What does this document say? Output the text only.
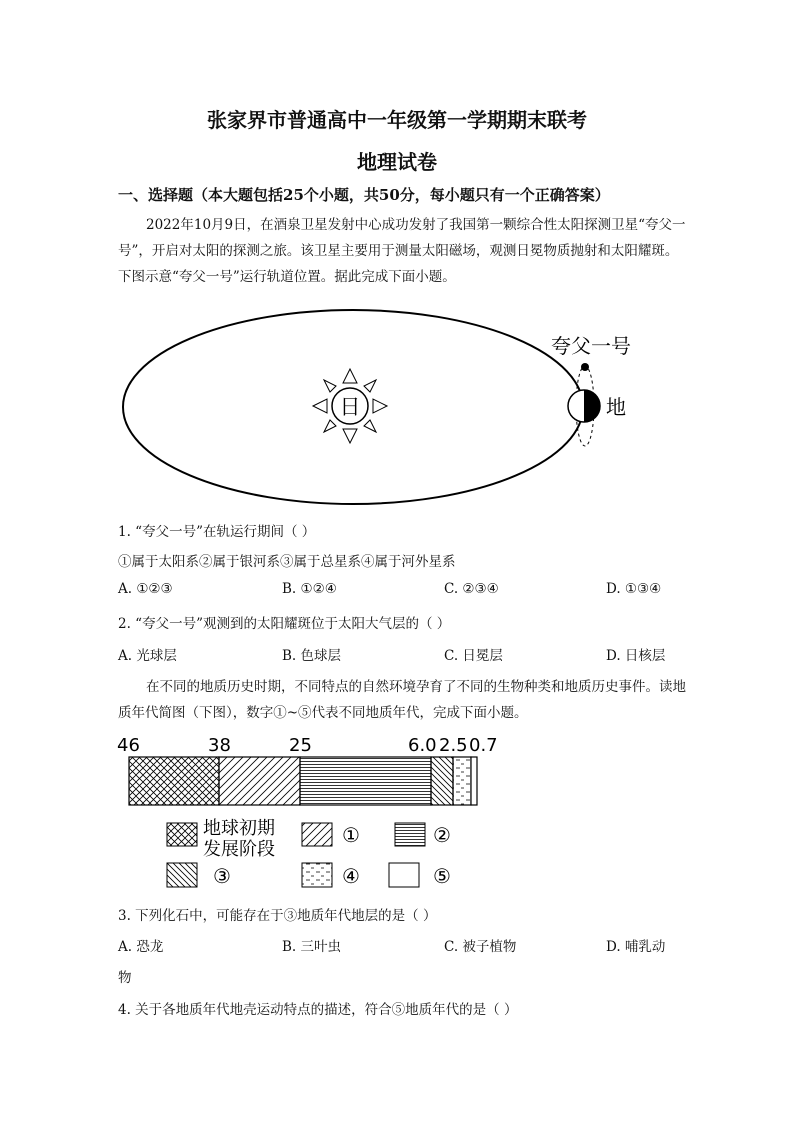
张家界市普通高中一年级第一学期期末联考
地理试卷
一、选择题（本大题包括25个小题，共50分，每小题只有一个正确答案）
2022年10月9日，在酒泉卫星发射中心成功发射了我国第一颗综合性太阳探测卫星“夸父一号”，开启对太阳的探测之旅。该卫星主要用于测量太阳磁场，观测日冕物质抛射和太阳耀斑。下图示意“夸父一号”运行轨道位置。据此完成下面小题。
日
夸父一号
地
1. “夸父一号”在轨运行期间（ ）
①属于太阳系②属于银河系③属于总星系④属于河外星系
A. ①②③	B. ①②④	C. ②③④	D. ①③④
2. “夸父一号”观测到的太阳耀斑位于太阳大气层的（ ）
A. 光球层	B. 色球层	C. 日冕层	D. 日核层
在不同的地质历史时期，不同特点的自然环境孕育了不同的生物种类和地质历史事件。读地质年代简图（下图），数字①~⑤代表不同地质年代，完成下面小题。
46	38	25	6.0 2.5 0.7
地球初期
发展阶段
①	②
③	④	⑤
3. 下列化石中，可能存在于③地质年代地层的是（ ）
A. 恐龙	B. 三叶虫	C. 被子植物	D. 哺乳动
物
4. 关于各地质年代地壳运动特点的描述，符合⑤地质年代的是（ ）
